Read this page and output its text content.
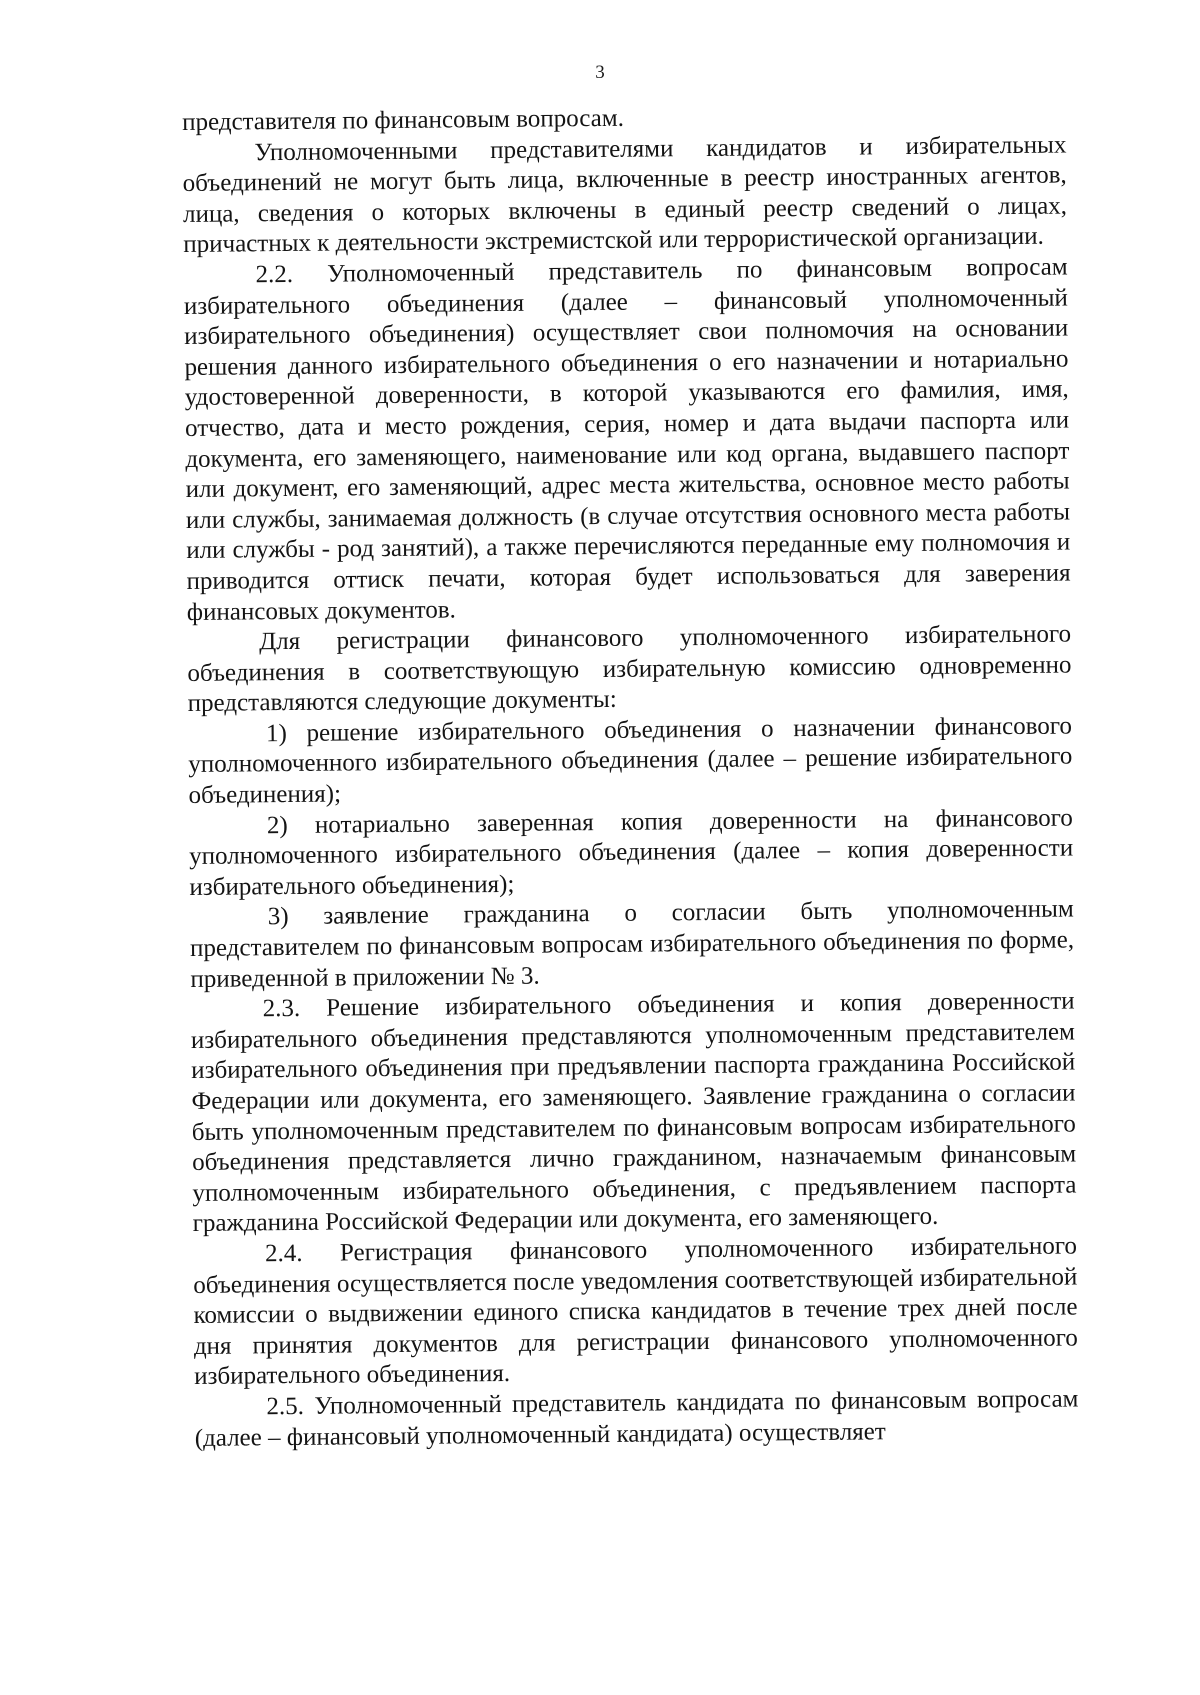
3

представителя по финансовым вопросам.

Уполномоченными представителями кандидатов и избирательных объединений не могут быть лица, включенные в реестр иностранных агентов, лица, сведения о которых включены в единый реестр сведений о лицах, причастных к деятельности экстремистской или террористической организации.

2.2. Уполномоченный представитель по финансовым вопросам избирательного объединения (далее – финансовый уполномоченный избирательного объединения) осуществляет свои полномочия на основании решения данного избирательного объединения о его назначении и нотариально удостоверенной доверенности, в которой указываются его фамилия, имя, отчество, дата и место рождения, серия, номер и дата выдачи паспорта или документа, его заменяющего, наименование или код органа, выдавшего паспорт или документ, его заменяющий, адрес места жительства, основное место работы или службы, занимаемая должность (в случае отсутствия основного места работы или службы - род занятий), а также перечисляются переданные ему полномочия и приводится оттиск печати, которая будет использоваться для заверения финансовых документов.

Для регистрации финансового уполномоченного избирательного объединения в соответствующую избирательную комиссию одновременно представляются следующие документы:

1) решение избирательного объединения о назначении финансового уполномоченного избирательного объединения (далее – решение избирательного объединения);

2) нотариально заверенная копия доверенности на финансового уполномоченного избирательного объединения (далее – копия доверенности избирательного объединения);

3) заявление гражданина о согласии быть уполномоченным представителем по финансовым вопросам избирательного объединения по форме, приведенной в приложении № 3.

2.3. Решение избирательного объединения и копия доверенности избирательного объединения представляются уполномоченным представителем избирательного объединения при предъявлении паспорта гражданина Российской Федерации или документа, его заменяющего. Заявление гражданина о согласии быть уполномоченным представителем по финансовым вопросам избирательного объединения представляется лично гражданином, назначаемым финансовым уполномоченным избирательного объединения, с предъявлением паспорта гражданина Российской Федерации или документа, его заменяющего.

2.4. Регистрация финансового уполномоченного избирательного объединения осуществляется после уведомления соответствующей избирательной комиссии о выдвижении единого списка кандидатов в течение трех дней после дня принятия документов для регистрации финансового уполномоченного избирательного объединения.

2.5. Уполномоченный представитель кандидата по финансовым вопросам (далее – финансовый уполномоченный кандидата) осуществляет
